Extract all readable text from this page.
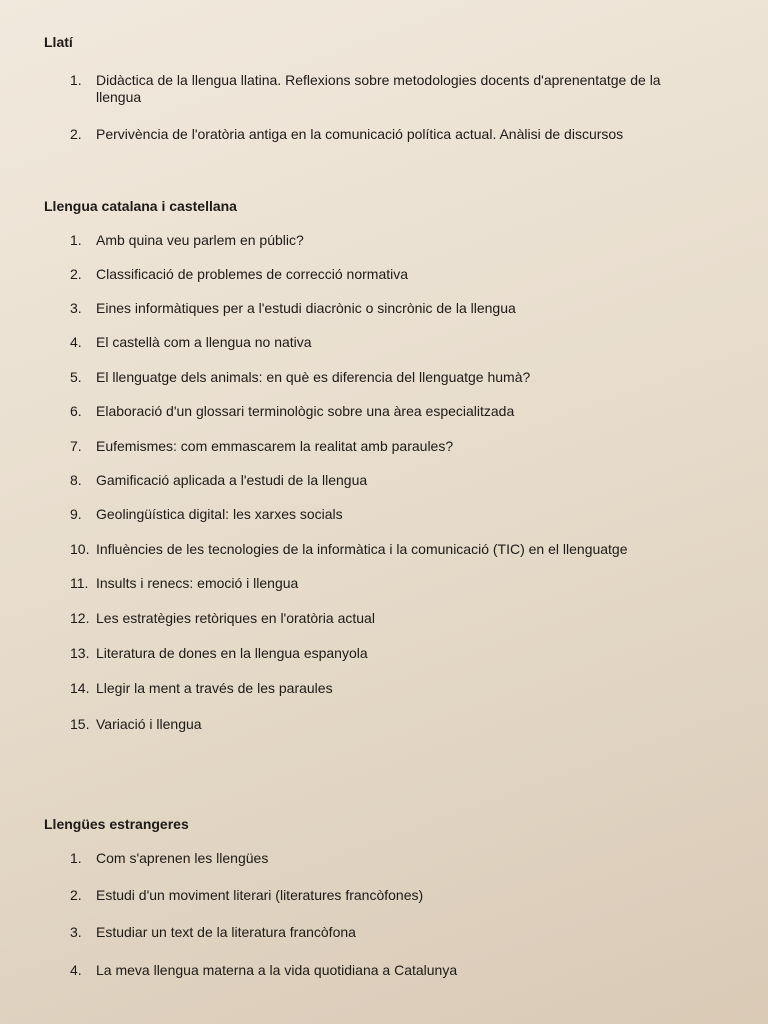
Llatí
1.	Didàctica de la llengua llatina. Reflexions sobre metodologies docents d'aprenentatge de la llengua
2.	Pervivència de l'oratòria antiga en la comunicació política actual. Anàlisi de discursos
Llengua catalana i castellana
1.	Amb quina veu parlem en públic?
2.	Classificació de problemes de correcció normativa
3.	Eines informàtiques per a l'estudi diacrònic o sincrònic de la llengua
4.	El castellà com a llengua no nativa
5.	El llenguatge dels animals: en què es diferencia del llenguatge humà?
6.	Elaboració d'un glossari terminològic sobre una àrea especialitzada
7.	Eufemismes: com emmascarem la realitat amb paraules?
8.	Gamificació aplicada a l'estudi de la llengua
9.	Geolingüística digital: les xarxes socials
10. Influències de les tecnologies de la informàtica i la comunicació (TIC) en el llenguatge
11. Insults i renecs: emoció i llengua
12. Les estratègies retòriques en l'oratòria actual
13. Literatura de dones en la llengua espanyola
14. Llegir la ment a través de les paraules
15. Variació i llengua
Llengües estrangeres
1.	Com s'aprenen les llengües
2.	Estudi d'un moviment literari (literatures francòfones)
3.	Estudiar un text de la literatura francòfona
4.	La meva llengua materna a la vida quotidiana a Catalunya
